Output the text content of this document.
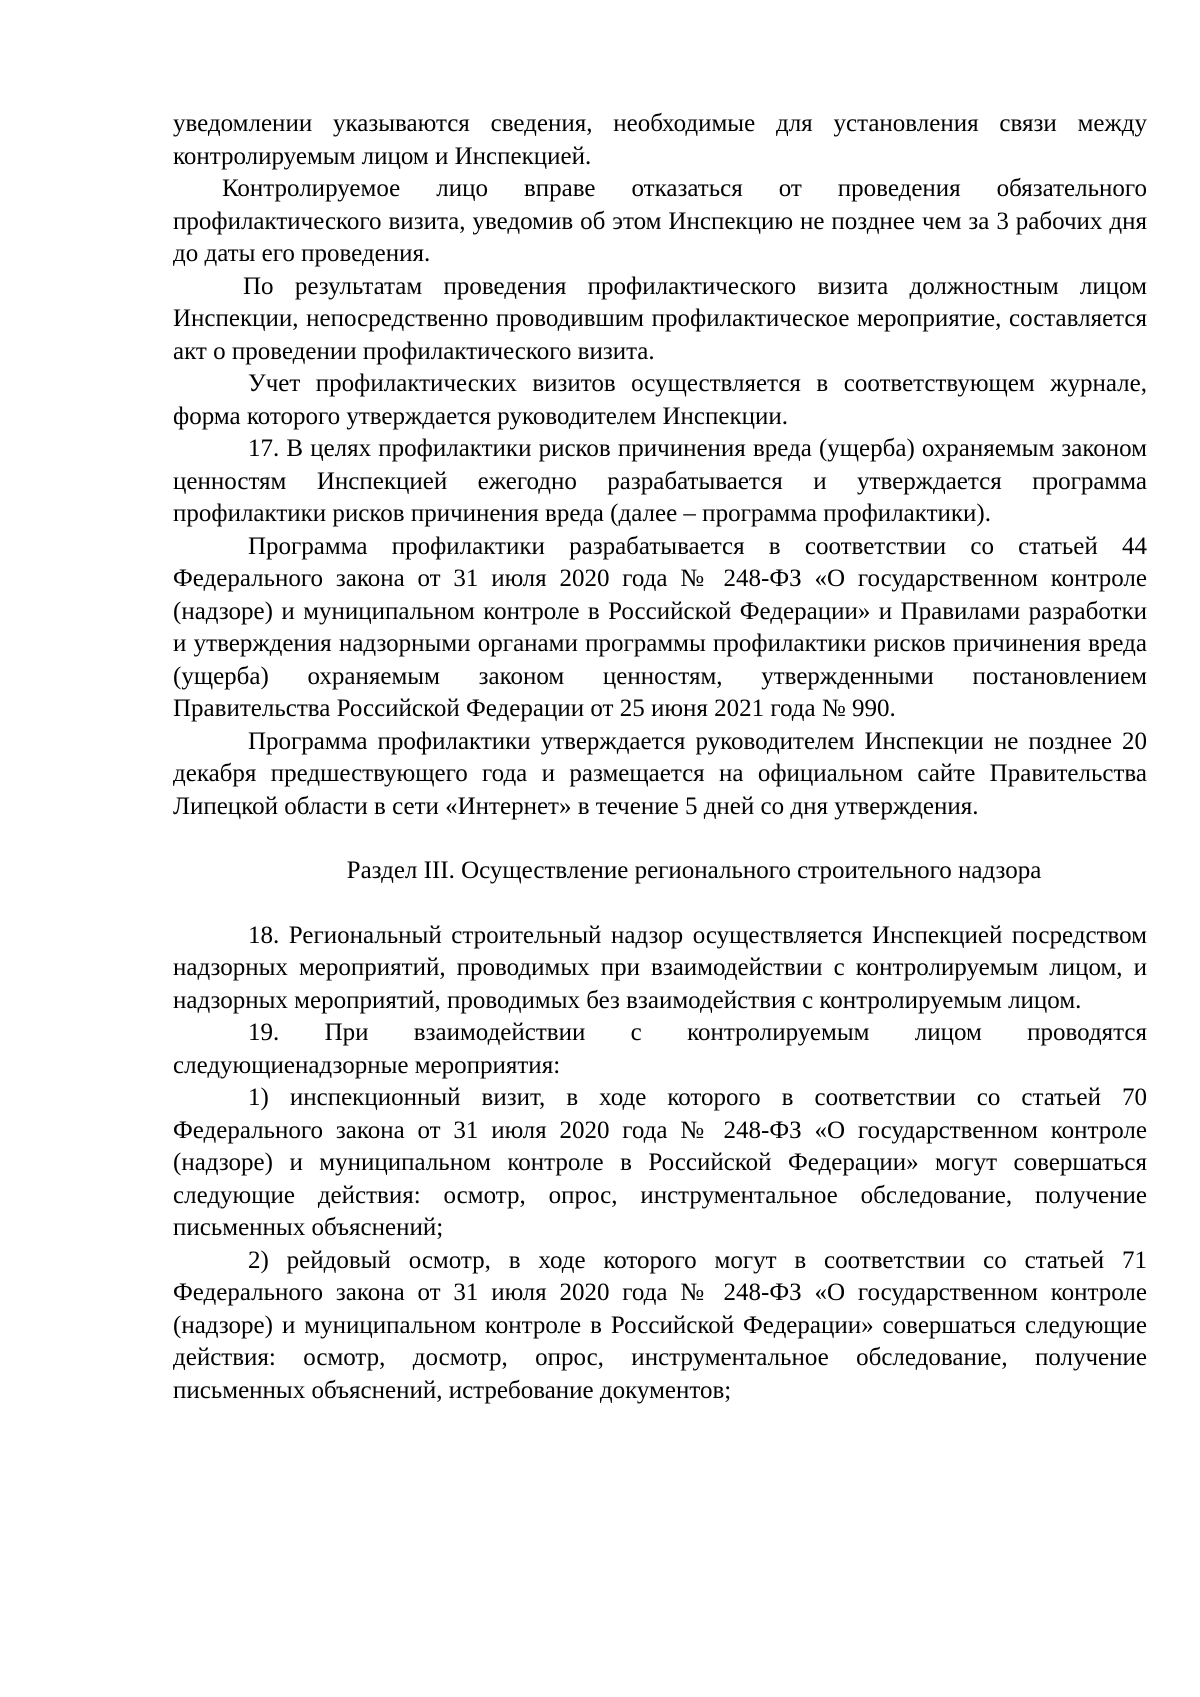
уведомлении указываются сведения, необходимые для установления связи между контролируемым лицом и Инспекцией.

Контролируемое лицо вправе отказаться от проведения обязательного профилактического визита, уведомив об этом Инспекцию не позднее чем за 3 рабочих дня до даты его проведения.

По результатам проведения профилактического визита должностным лицом Инспекции, непосредственно проводившим профилактическое мероприятие, составляется акт о проведении профилактического визита.

Учет профилактических визитов осуществляется в соответствующем журнале, форма которого утверждается руководителем Инспекции.

17. В целях профилактики рисков причинения вреда (ущерба) охраняемым законом ценностям Инспекцией ежегодно разрабатывается и утверждается программа профилактики рисков причинения вреда (далее – программа профилактики).

Программа профилактики разрабатывается в соответствии со статьей 44 Федерального закона от 31 июля 2020 года № 248-ФЗ «О государственном контроле (надзоре) и муниципальном контроле в Российской Федерации» и Правилами разработки и утверждения надзорными органами программы профилактики рисков причинения вреда (ущерба) охраняемым законом ценностям, утвержденными постановлением Правительства Российской Федерации от 25 июня 2021 года № 990.

Программа профилактики утверждается руководителем Инспекции не позднее 20 декабря предшествующего года и размещается на официальном сайте Правительства Липецкой области в сети «Интернет» в течение 5 дней со дня утверждения.

Раздел III. Осуществление регионального строительного надзора

18. Региональный строительный надзор осуществляется Инспекцией посредством надзорных мероприятий, проводимых при взаимодействии с контролируемым лицом, и надзорных мероприятий, проводимых без взаимодействия с контролируемым лицом.

19. При взаимодействии с контролируемым лицом проводятся следующиенадзорные мероприятия:

1) инспекционный визит, в ходе которого в соответствии со статьей 70 Федерального закона от 31 июля 2020 года № 248-ФЗ «О государственном контроле (надзоре) и муниципальном контроле в Российской Федерации» могут совершаться следующие действия: осмотр, опрос, инструментальное обследование, получение письменных объяснений;

2) рейдовый осмотр, в ходе которого могут в соответствии со статьей 71 Федерального закона от 31 июля 2020 года № 248-ФЗ «О государственном контроле (надзоре) и муниципальном контроле в Российской Федерации» совершаться следующие действия: осмотр, досмотр, опрос, инструментальное обследование, получение письменных объяснений, истребование документов;
